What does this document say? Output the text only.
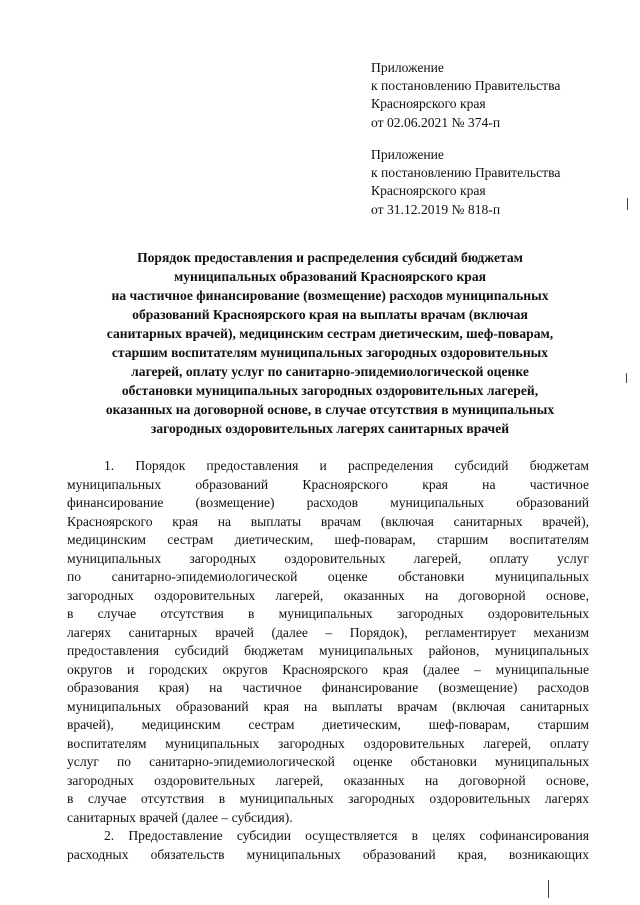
Приложение
к постановлению Правительства
Красноярского края
от 02.06.2021 № 374-п
Приложение
к постановлению Правительства
Красноярского края
от 31.12.2019 № 818-п
Порядок предоставления и распределения субсидий бюджетам
муниципальных образований Красноярского края
на частичное финансирование (возмещение) расходов муниципальных
образований Красноярского края на выплаты врачам (включая
санитарных врачей), медицинским сестрам диетическим, шеф-поварам,
старшим воспитателям муниципальных загородных оздоровительных
лагерей, оплату услуг по санитарно-эпидемиологической оценке
обстановки муниципальных загородных оздоровительных лагерей,
оказанных на договорной основе, в случае отсутствия в муниципальных
загородных оздоровительных лагерях санитарных врачей
1. Порядок предоставления и распределения субсидий бюджетам
муниципальных образований Красноярского края на частичное
финансирование (возмещение) расходов муниципальных образований
Красноярского края на выплаты врачам (включая санитарных врачей),
медицинским сестрам диетическим, шеф-поварам, старшим воспитателям
муниципальных загородных оздоровительных лагерей, оплату услуг
по санитарно-эпидемиологической оценке обстановки муниципальных
загородных оздоровительных лагерей, оказанных на договорной основе,
в случае отсутствия в муниципальных загородных оздоровительных
лагерях санитарных врачей (далее – Порядок), регламентирует механизм
предоставления субсидий бюджетам муниципальных районов, муниципальных
округов и городских округов Красноярского края (далее – муниципальные
образования края) на частичное финансирование (возмещение) расходов
муниципальных образований края на выплаты врачам (включая санитарных
врачей), медицинским сестрам диетическим, шеф-поварам, старшим
воспитателям муниципальных загородных оздоровительных лагерей, оплату
услуг по санитарно-эпидемиологической оценке обстановки муниципальных
загородных оздоровительных лагерей, оказанных на договорной основе,
в случае отсутствия в муниципальных загородных оздоровительных лагерях
санитарных врачей (далее – субсидия).
2. Предоставление субсидии осуществляется в целях софинансирования
расходных обязательств муниципальных образований края, возникающих
